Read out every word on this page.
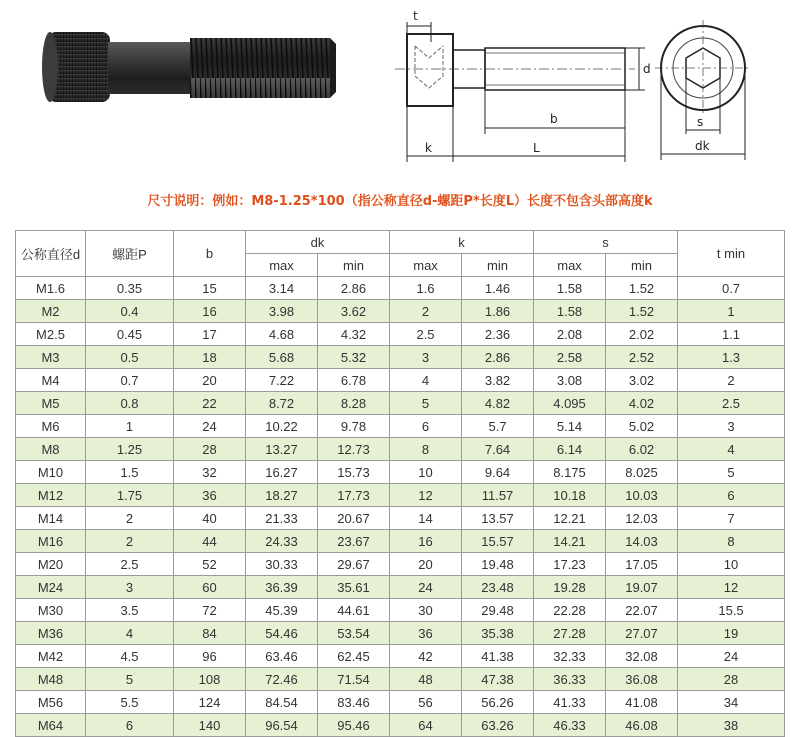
t
d
b
k	L
s
dk
尺寸说明：例如：M8-1.25*100（指公称直径d-螺距P*长度L）长度不包含头部高度k
公称直径d	螺距P	b	dk		k		s		t min
			max	min	max	min	max	min	
M1.6	0.35	15	3.14	2.86	1.6	1.46	1.58	1.52	0.7
M2	0.4	16	3.98	3.62	2	1.86	1.58	1.52	1
M2.5	0.45	17	4.68	4.32	2.5	2.36	2.08	2.02	1.1
M3	0.5	18	5.68	5.32	3	2.86	2.58	2.52	1.3
M4	0.7	20	7.22	6.78	4	3.82	3.08	3.02	2
M5	0.8	22	8.72	8.28	5	4.82	4.095	4.02	2.5
M6	1	24	10.22	9.78	6	5.7	5.14	5.02	3
M8	1.25	28	13.27	12.73	8	7.64	6.14	6.02	4
M10	1.5	32	16.27	15.73	10	9.64	8.175	8.025	5
M12	1.75	36	18.27	17.73	12	11.57	10.18	10.03	6
M14	2	40	21.33	20.67	14	13.57	12.21	12.03	7
M16	2	44	24.33	23.67	16	15.57	14.21	14.03	8
M20	2.5	52	30.33	29.67	20	19.48	17.23	17.05	10
M24	3	60	36.39	35.61	24	23.48	19.28	19.07	12
M30	3.5	72	45.39	44.61	30	29.48	22.28	22.07	15.5
M36	4	84	54.46	53.54	36	35.38	27.28	27.07	19
M42	4.5	96	63.46	62.45	42	41.38	32.33	32.08	24
M48	5	108	72.46	71.54	48	47.38	36.33	36.08	28
M56	5.5	124	84.54	83.46	56	56.26	41.33	41.08	34
M64	6	140	96.54	95.46	64	63.26	46.33	46.08	38
